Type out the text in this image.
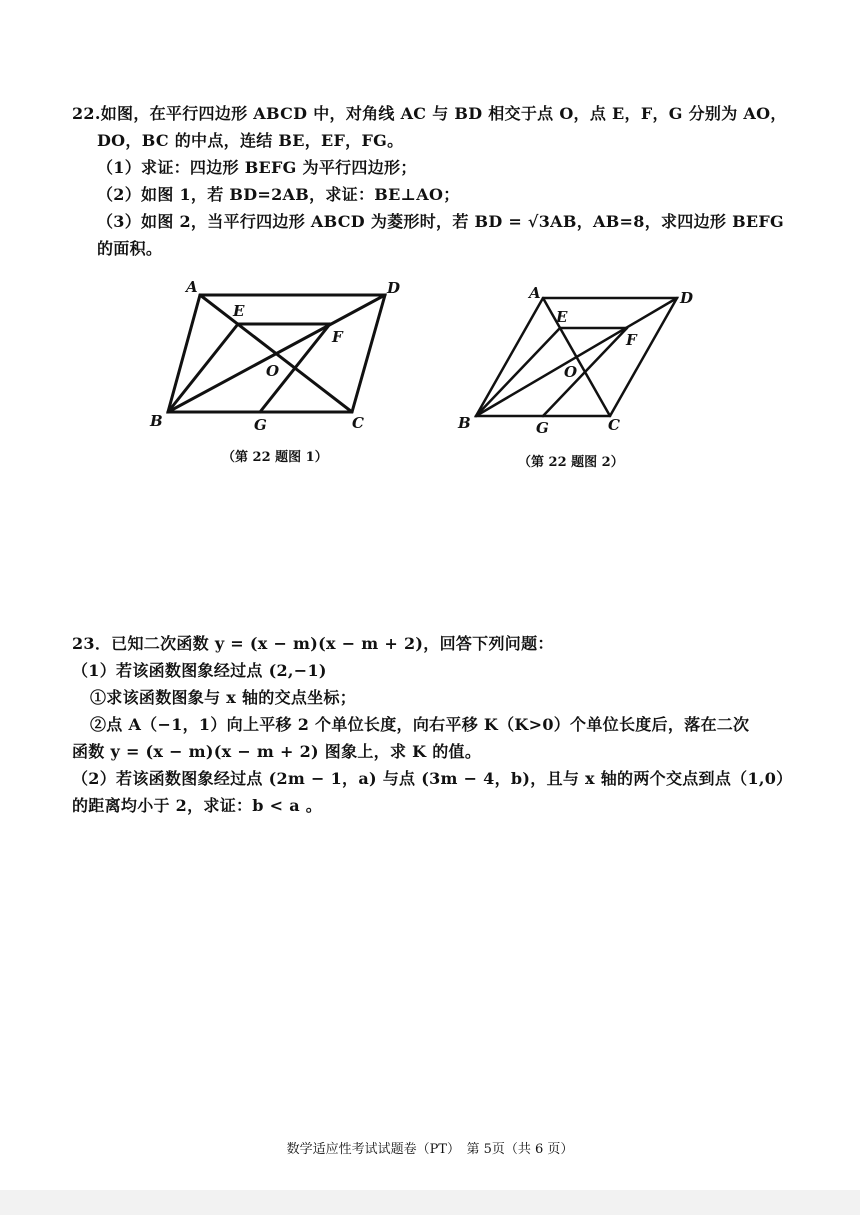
22.如图，在平行四边形 ABCD 中，对角线 AC 与 BD 相交于点 O，点 E，F，G 分别为 AO，
DO，BC 的中点，连结 BE，EF，FG。
（1）求证：四边形 BEFG 为平行四边形；
（2）如图 1，若 BD=2AB，求证：BE⊥AO；
（3）如图 2，当平行四边形 ABCD 为菱形时，若 BD = √3AB，AB=8，求四边形 BEFG
的面积。
A	D
E
F
O
B	G	C
（第 22 题图 1）
A	D
E
F
O
B	G	C
（第 22 题图 2）
23．已知二次函数 y = (x − m)(x − m + 2)，回答下列问题：
（1）若该函数图象经过点 (2,−1)
①求该函数图象与 x 轴的交点坐标；
②点 A（−1，1）向上平移 2 个单位长度，向右平移 K（K>0）个单位长度后，落在二次
函数 y = (x − m)(x − m + 2) 图象上，求 K 的值。
（2）若该函数图象经过点 (2m − 1，a) 与点 (3m − 4，b)，且与 x 轴的两个交点到点（1,0）
的距离均小于 2，求证：b < a 。
数学适应性考试试题卷（PT）　第 5页（共 6 页）
